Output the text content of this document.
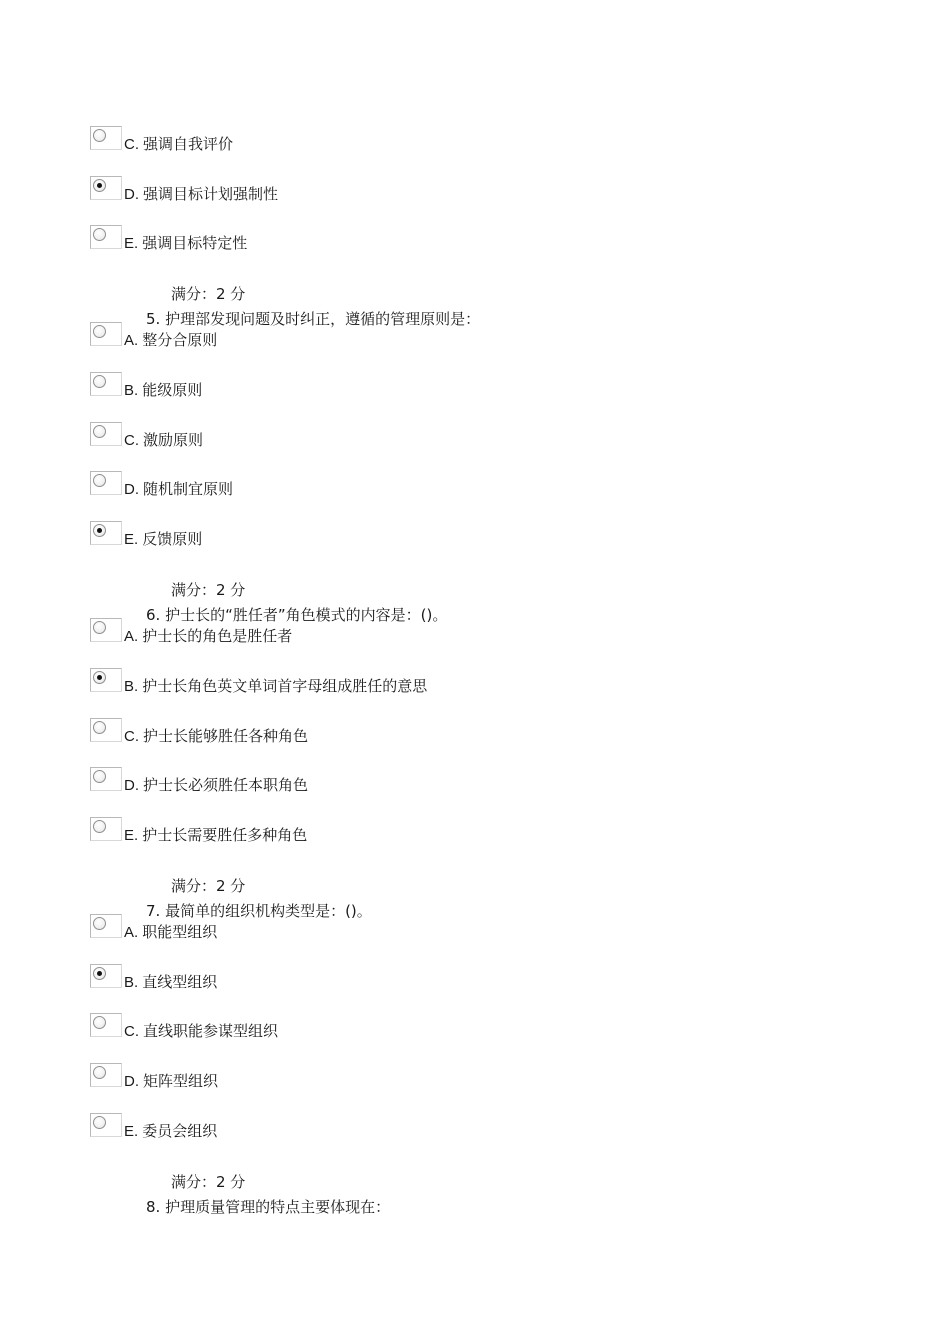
C. 强调自我评价
D. 强调目标计划强制性
E. 强调目标特定性
满分：2 分
5. 护理部发现问题及时纠正，遵循的管理原则是：
A. 整分合原则
B. 能级原则
C. 激励原则
D. 随机制宜原则
E. 反馈原则
满分：2 分
6. 护士长的“胜任者”角色模式的内容是：()。
A. 护士长的角色是胜任者
B. 护士长角色英文单词首字母组成胜任的意思
C. 护士长能够胜任各种角色
D. 护士长必须胜任本职角色
E. 护士长需要胜任多种角色
满分：2 分
7. 最简单的组织机构类型是：()。
A. 职能型组织
B. 直线型组织
C. 直线职能参谋型组织
D. 矩阵型组织
E. 委员会组织
满分：2 分
8. 护理质量管理的特点主要体现在：
